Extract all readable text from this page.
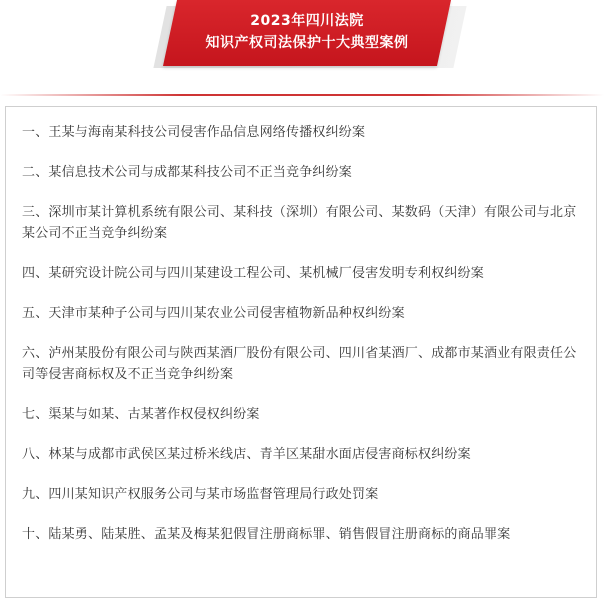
2023年四川法院
知识产权司法保护十大典型案例
一、王某与海南某科技公司侵害作品信息网络传播权纠纷案
二、某信息技术公司与成都某科技公司不正当竞争纠纷案
三、深圳市某计算机系统有限公司、某科技（深圳）有限公司、某数码（天津）有限公司与北京某公司不正当竞争纠纷案
四、某研究设计院公司与四川某建设工程公司、某机械厂侵害发明专利权纠纷案
五、天津市某种子公司与四川某农业公司侵害植物新品种权纠纷案
六、泸州某股份有限公司与陕西某酒厂股份有限公司、四川省某酒厂、成都市某酒业有限责任公司等侵害商标权及不正当竞争纠纷案
七、渠某与如某、古某著作权侵权纠纷案
八、林某与成都市武侯区某过桥米线店、青羊区某甜水面店侵害商标权纠纷案
九、四川某知识产权服务公司与某市场监督管理局行政处罚案
十、陆某勇、陆某胜、孟某及梅某犯假冒注册商标罪、销售假冒注册商标的商品罪案
